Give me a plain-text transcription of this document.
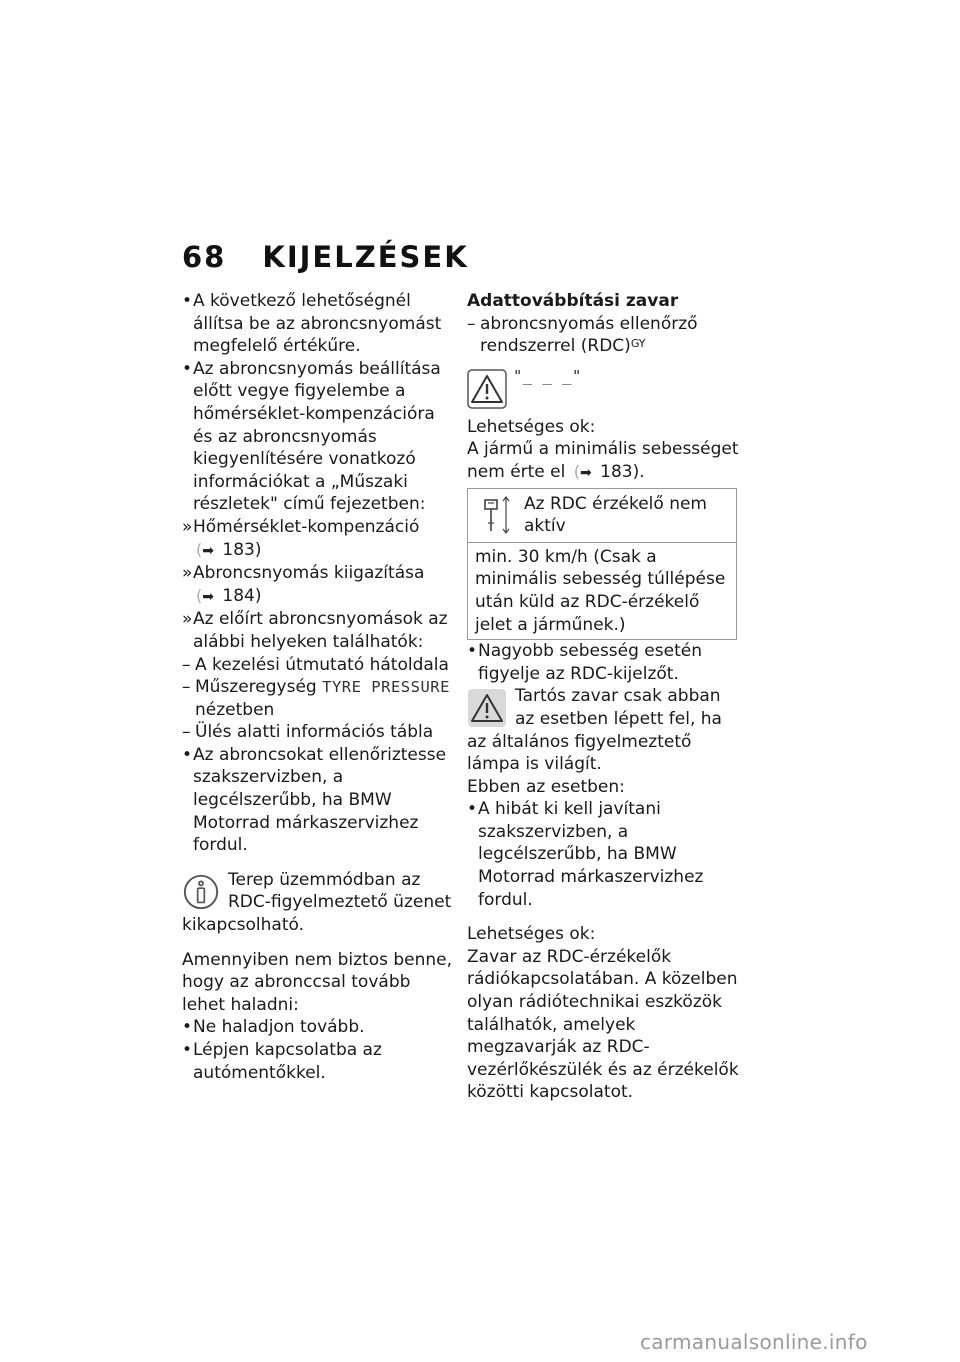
68 KIJELZÉSEK
• A következő lehetőségnél állítsa be az abroncsnyomást megfelelő értékűre.
• Az abroncsnyomás beállítása előtt vegye figyelembe a hőmérséklet-kompenzációra és az abroncsnyomás kiegyenlítésére vonatkozó információkat a „Műszaki részletek" című fejezetben:
» Hőmérséklet-kompenzáció
(➡ 183)
» Abroncsnyomás kiigazítása
(➡ 184)
» Az előírt abroncsnyomások az alábbi helyeken találhatók:
– A kezelési útmutató hátoldala
– Műszeregység TYRE PRESSURE nézetben
– Ülés alatti információs tábla
• Az abroncsokat ellenőriztesse szakszervizben, a legcélszerűbb, ha BMW Motorrad márkaszervizhez fordul.
Terep üzemmódban az RDC-figyelmeztető üzenet kikapcsolható.
Amennyiben nem biztos benne, hogy az abronccsal tovább lehet haladni:
• Ne haladjon tovább.
• Lépjen kapcsolatba az autómentőkkel.
Adattovábbítási zavar
– abroncsnyomás ellenőrző rendszerrel (RDC)$^{GY}$
"_ _ _"
Lehetséges ok:
A jármű a minimális sebességet nem érte el (➡ 183).
Az RDC érzékelő nem aktív
min. 30 km/h (Csak a minimális sebesség túllépése után küld az RDC-érzékelő jelet a járműnek.)
• Nagyobb sebesség esetén figyelje az RDC-kijelzőt.
Tartós zavar csak abban az esetben lépett fel, ha az általános figyelmeztető lámpa is világít.
Ebben az esetben:
• A hibát ki kell javítani szakszervizben, a legcélszerűbb, ha BMW Motorrad márkaszervizhez fordul.
Lehetséges ok:
Zavar az RDC-érzékelők rádiókapcsolatában. A közelben olyan rádiótechnikai eszközök találhatók, amelyek megzavarják az RDC-vezérlőkészülék és az érzékelők közötti kapcsolatot.
carmanualsonline.info
